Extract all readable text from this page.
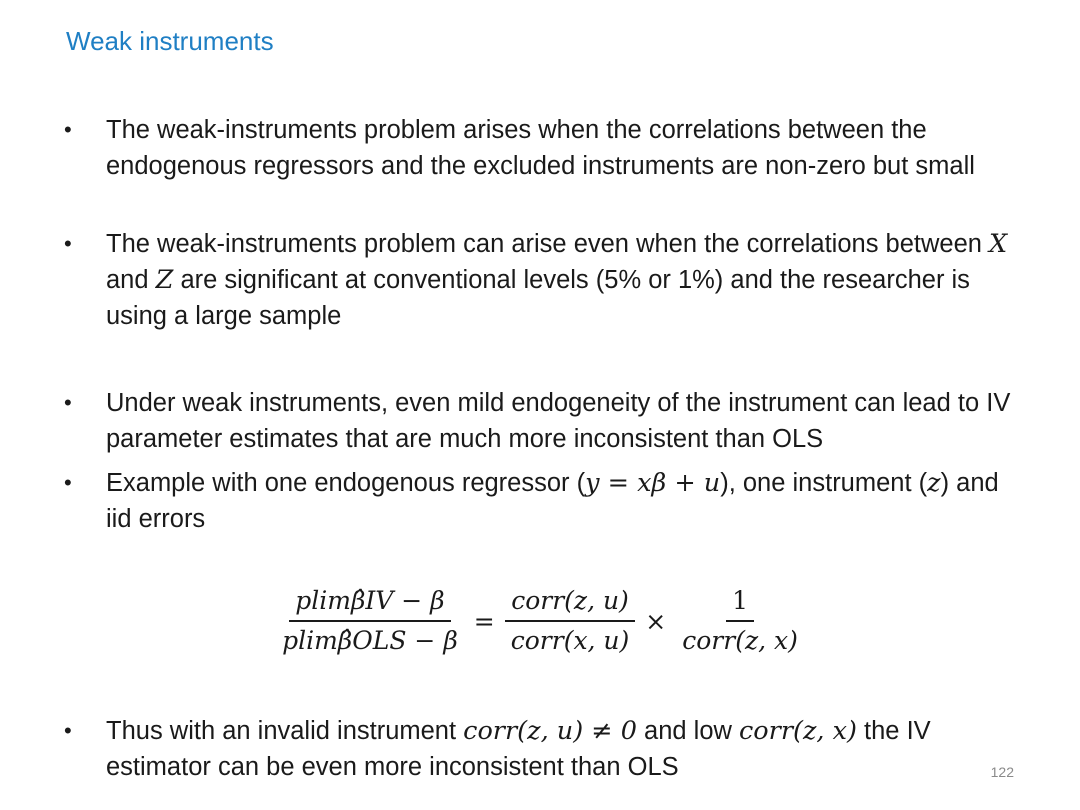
Weak instruments
• The weak-instruments problem arises when the correlations between the endogenous regressors and the excluded instruments are non-zero but small
• The weak-instruments problem can arise even when the correlations between X and Z are significant at conventional levels (5% or 1%) and the researcher is using a large sample
• Under weak instruments, even mild endogeneity of the instrument can lead to IV parameter estimates that are much more inconsistent than OLS
• Example with one endogenous regressor (y = xβ + u), one instrument (z) and iid errors
$\frac{plim\betâIV - \beta}{\text{plimβ̂OLS − β}} = \frac{\text{corr(z, u)}}{\text{corr(x, u)}} \times \frac{1}{\text{corr(z, x)}}$
• Thus with an invalid instrument corr(z, u) ≠ 0 and low corr(z, x) the IV estimator can be even more inconsistent than OLS	122
